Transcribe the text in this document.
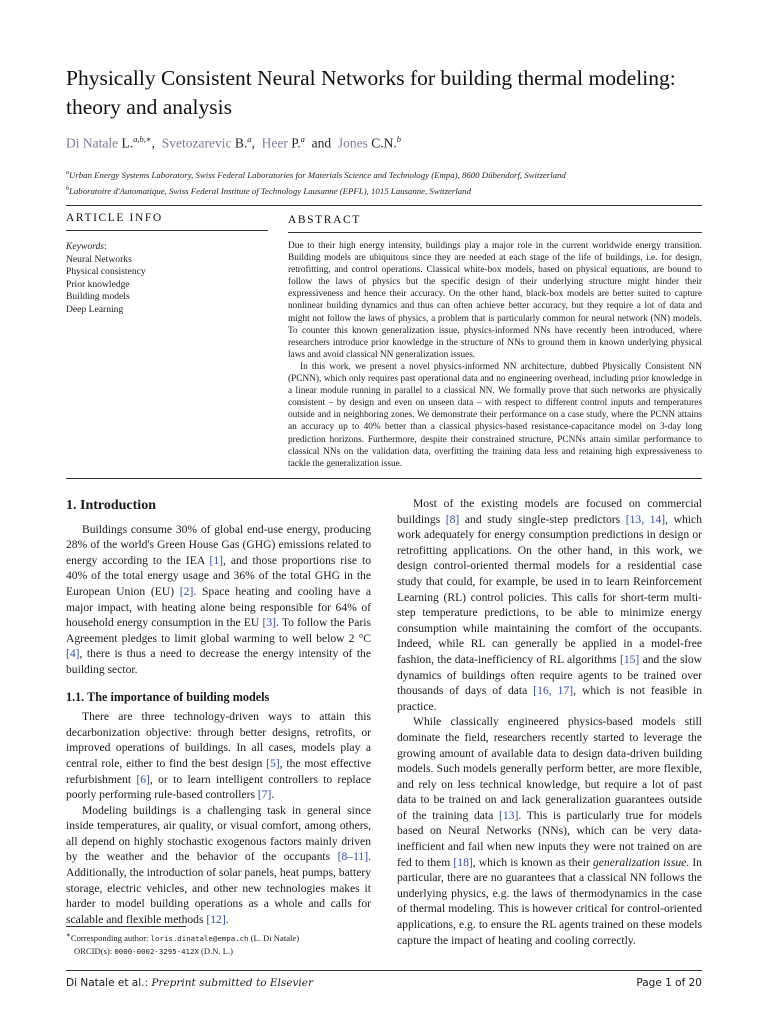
Physically Consistent Neural Networks for building thermal modeling: theory and analysis
Di Natale L.$^{a,b,∗}$,  Svetozarevic B.$^a$,  Heer P.$^a$  and  Jones C.N.$^b$
$^a$Urban Energy Systems Laboratory, Swiss Federal Laboratories for Materials Science and Technology (Empa), 8600 Dübendorf, Switzerland
$^b$Laboratoire d'Automatique, Swiss Federal Institute of Technology Lausanne (EPFL), 1015 Lausanne, Switzerland
ARTICLE INFO	ABSTRACT
Keywords:
Neural Networks
Physical consistency
Prior knowledge
Building models
Deep Learning

Due to their high energy intensity, buildings play a major role in the current worldwide energy transition. Building models are ubiquitous since they are needed at each stage of the life of buildings, i.e. for design, retrofitting, and control operations. Classical white-box models, based on physical equations, are bound to follow the laws of physics but the specific design of their underlying structure might hinder their expressiveness and hence their accuracy. On the other hand, black-box models are better suited to capture nonlinear building dynamics and thus can often achieve better accuracy, but they require a lot of data and might not follow the laws of physics, a problem that is particularly common for neural network (NN) models. To counter this known generalization issue, physics-informed NNs have recently been introduced, where researchers introduce prior knowledge in the structure of NNs to ground them in known underlying physical laws and avoid classical NN generalization issues.

In this work, we present a novel physics-informed NN architecture, dubbed Physically Consistent NN (PCNN), which only requires past operational data and no engineering overhead, including prior knowledge in a linear module running in parallel to a classical NN. We formally prove that such networks are physically consistent – by design and even on unseen data – with respect to different control inputs and temperatures outside and in neighboring zones. We demonstrate their performance on a case study, where the PCNN attains an accuracy up to 40% better than a classical physics-based resistance-capacitance model on 3-day long prediction horizons. Furthermore, despite their constrained structure, PCNNs attain similar performance to classical NNs on the validation data, overfitting the training data less and retaining high expressiveness to tackle the generalization issue.

1. Introduction

Buildings consume 30% of global end-use energy, producing 28% of the world's Green House Gas (GHG) emissions related to energy according to the IEA [1], and those proportions rise to 40% of the total energy usage and 36% of the total GHG in the European Union (EU) [2]. Space heating and cooling have a major impact, with heating alone being responsible for 64% of household energy consumption in the EU [3]. To follow the Paris Agreement pledges to limit global warming to well below 2 °C [4], there is thus a need to decrease the energy intensity of the building sector.

1.1. The importance of building models

There are three technology-driven ways to attain this decarbonization objective: through better designs, retrofits, or improved operations of buildings. In all cases, models play a central role, either to find the best design [5], the most effective refurbishment [6], or to learn intelligent controllers to replace poorly performing rule-based controllers [7].

Modeling buildings is a challenging task in general since inside temperatures, air quality, or visual comfort, among others, all depend on highly stochastic exogenous factors mainly driven by the weather and the behavior of the occupants [8–11]. Additionally, the introduction of solar panels, heat pumps, battery storage, electric vehicles, and other new technologies makes it harder to model building operations as a whole and calls for scalable and flexible methods [12].

Most of the existing models are focused on commercial buildings [8] and study single-step predictors [13, 14], which work adequately for energy consumption predictions in design or retrofitting applications. On the other hand, in this work, we design control-oriented thermal models for a residential case study that could, for example, be used in to learn Reinforcement Learning (RL) control policies. This calls for short-term multi-step temperature predictions, to be able to minimize energy consumption while maintaining the comfort of the occupants. Indeed, while RL can generally be applied in a model-free fashion, the data-inefficiency of RL algorithms [15] and the slow dynamics of buildings often require agents to be trained over thousands of days of data [16, 17], which is not feasible in practice.

While classically engineered physics-based models still dominate the field, researchers recently started to leverage the growing amount of available data to design data-driven building models. Such models generally perform better, are more flexible, and rely on less technical knowledge, but require a lot of past data to be trained on and lack generalization guarantees outside of the training data [13]. This is particularly true for models based on Neural Networks (NNs), which can be very data-inefficient and fail when new inputs they were not trained on are fed to them [18], which is known as their generalization issue. In particular, there are no guarantees that a classical NN follows the underlying physics, e.g. the laws of thermodynamics in the case of thermal modeling. This is however critical for control-oriented applications, e.g. to ensure the RL agents trained on these models capture the impact of heating and cooling correctly.

∗Corresponding author: loris.dinatale@empa.ch (L. Di Natale)
ORCID(s): 0000-0002-3295-412X (D.N. L.)
Di Natale et al.: Preprint submitted to Elsevier	Page 1 of 20
